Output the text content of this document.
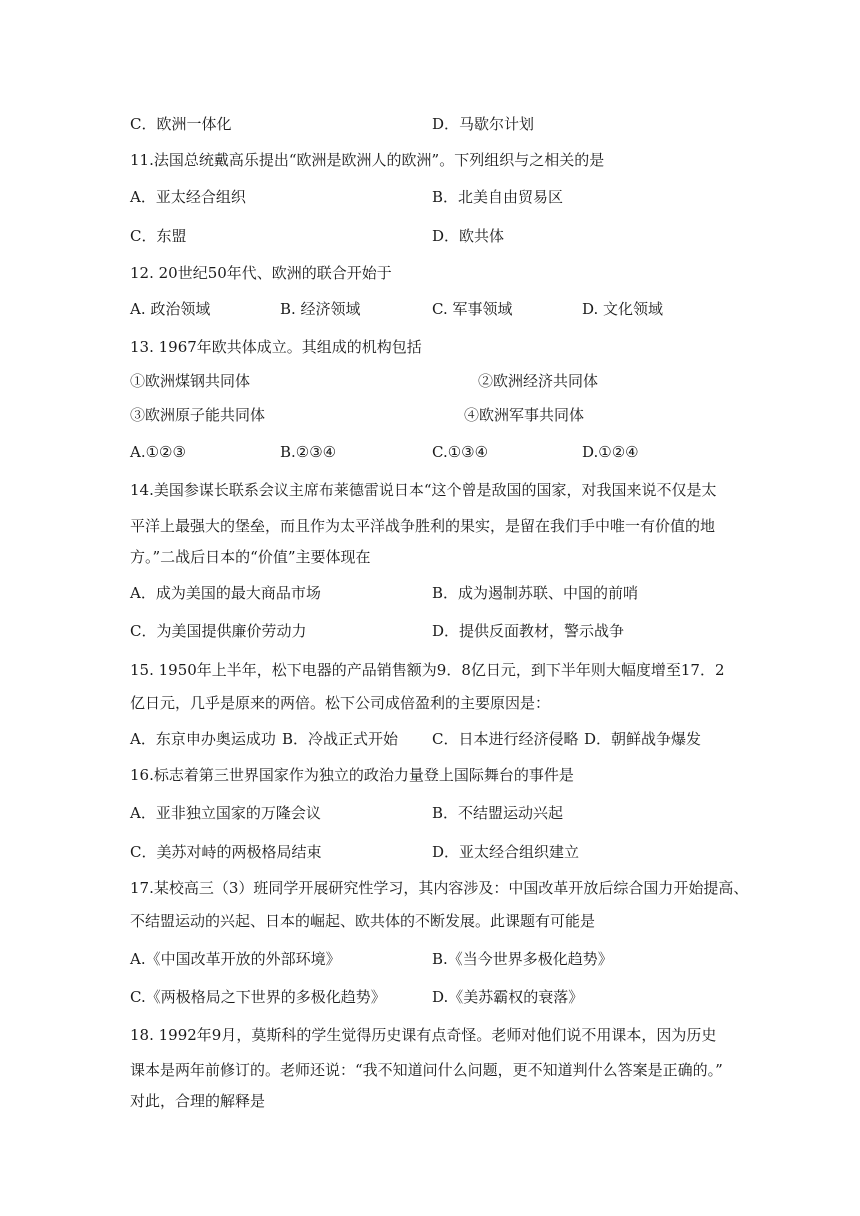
C．欧洲一体化	D．马歇尔计划
11.法国总统戴高乐提出“欧洲是欧洲人的欧洲”。下列组织与之相关的是
A．亚太经合组织	B．北美自由贸易区
C．东盟	D．欧共体
12. 20世纪50年代、欧洲的联合开始于
A. 政治领域	B. 经济领域	C. 军事领域	D. 文化领域
13. 1967年欧共体成立。其组成的机构包括
①欧洲煤钢共同体	②欧洲经济共同体
③欧洲原子能共同体	④欧洲军事共同体
A.①②③	B.②③④	C.①③④	D.①②④
14.美国参谋长联系会议主席布莱德雷说日本“这个曾是敌国的国家，对我国来说不仅是太
平洋上最强大的堡垒，而且作为太平洋战争胜利的果实，是留在我们手中唯一有价值的地
方。”二战后日本的“价值”主要体现在
A．成为美国的最大商品市场	B．成为遏制苏联、中国的前哨
C．为美国提供廉价劳动力	D．提供反面教材，警示战争
15. 1950年上半年，松下电器的产品销售额为9．8亿日元，到下半年则大幅度增至17．2
亿日元，几乎是原来的两倍。松下公司成倍盈利的主要原因是：
A．东京申办奥运成功 B．冷战正式开始 C．日本进行经济侵略 D．朝鲜战争爆发
16.标志着第三世界国家作为独立的政治力量登上国际舞台的事件是
A．亚非独立国家的万隆会议	B．不结盟运动兴起
C．美苏对峙的两极格局结束	D．亚太经合组织建立
17.某校高三（3）班同学开展研究性学习，其内容涉及：中国改革开放后综合国力开始提高、
不结盟运动的兴起、日本的崛起、欧共体的不断发展。此课题有可能是
A.《中国改革开放的外部环境》	B.《当今世界多极化趋势》
C.《两极格局之下世界的多极化趋势》	D.《美苏霸权的衰落》
18. 1992年9月，莫斯科的学生觉得历史课有点奇怪。老师对他们说不用课本，因为历史
课本是两年前修订的。老师还说：“我不知道问什么问题，更不知道判什么答案是正确的。”
对此，合理的解释是
